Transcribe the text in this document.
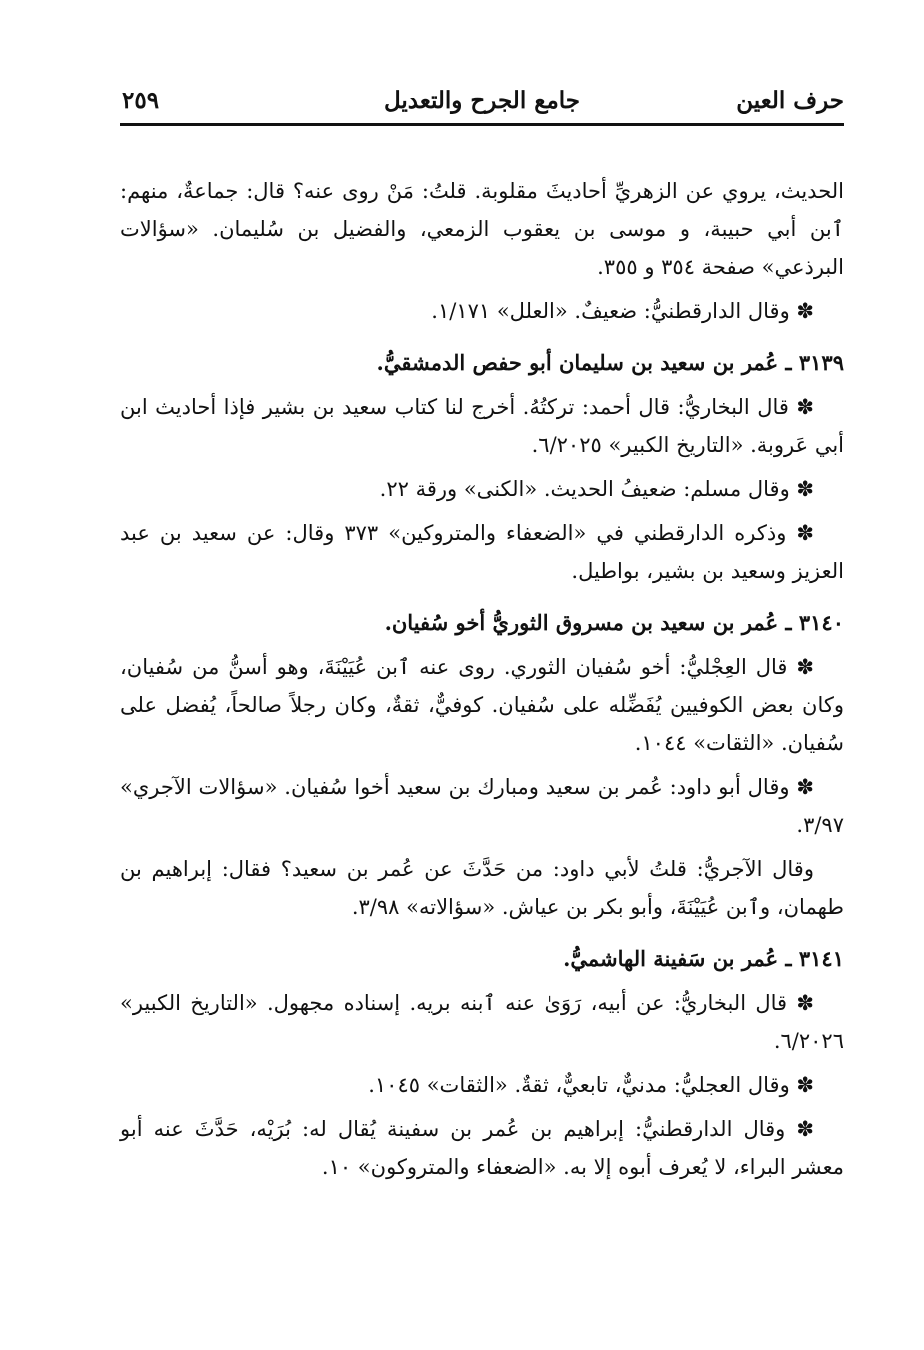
حرف العين
جامع الجرح والتعديل
٢٥٩

الحديث، يروي عن الزهريِّ أحاديثَ مقلوبة. قلتُ: مَنْ روى عنه؟ قال: جماعةٌ، منهم: ٱبن أبي حبيبة، و موسى بن يعقوب الزمعي، والفضيل بن سُليمان. «سؤالات البرذعي» صفحة ٣٥٤ و ٣٥٥.

✽ وقال الدارقطنيُّ: ضعيفٌ. «العلل» ١/١٧١.

٣١٣٩ ـ عُمر بن سعيد بن سليمان أبو حفص الدمشقيُّ.

✽ قال البخاريُّ: قال أحمد: تركتُهُ. أخرج لنا كتاب سعيد بن بشير فإذا أحاديث ابن أبي عَروبة. «التاريخ الكبير» ٦/٢٠٢٥.

✽ وقال مسلم: ضعيفُ الحديث. «الكنى» ورقة ٢٢.

✽ وذكره الدارقطني في «الضعفاء والمتروكين» ٣٧٣ وقال: عن سعيد بن عبد العزيز وسعيد بن بشير، بواطيل.

٣١٤٠ ـ عُمر بن سعيد بن مسروق الثوريُّ أخو سُفيان.

✽ قال العِجْليُّ: أخو سُفيان الثوري. روى عنه ٱبن عُيَيْنَةَ، وهو أسنُّ من سُفيان، وكان بعض الكوفيين يُفَضِّله على سُفيان. كوفيٌّ، ثقةٌ، وكان رجلاً صالحاً، يُفضل على سُفيان. «الثقات» ١٠٤٤.

✽ وقال أبو داود: عُمر بن سعيد ومبارك بن سعيد أخوا سُفيان. «سؤالات الآجري» ٣/٩٧.

وقال الآجريُّ: قلتُ لأبي داود: من حَدَّثَ عن عُمر بن سعيد؟ فقال: إبراهيم بن طهمان، وٱبن عُيَيْنَةَ، وأبو بكر بن عياش. «سؤالاته» ٣/٩٨.

٣١٤١ ـ عُمر بن سَفينة الهاشميُّ.

✽ قال البخاريُّ: عن أبيه، رَوَىٰ عنه ٱبنه بريه. إسناده مجهول. «التاريخ الكبير» ٦/٢٠٢٦.

✽ وقال العجليُّ: مدنيٌّ، تابعيٌّ، ثقةٌ. «الثقات» ١٠٤٥.

✽ وقال الدارقطنيُّ: إبراهيم بن عُمر بن سفينة يُقال له: بُرَيْه، حَدَّثَ عنه أبو معشر البراء، لا يُعرف أبوه إلا به. «الضعفاء والمتروكون» ١٠.
